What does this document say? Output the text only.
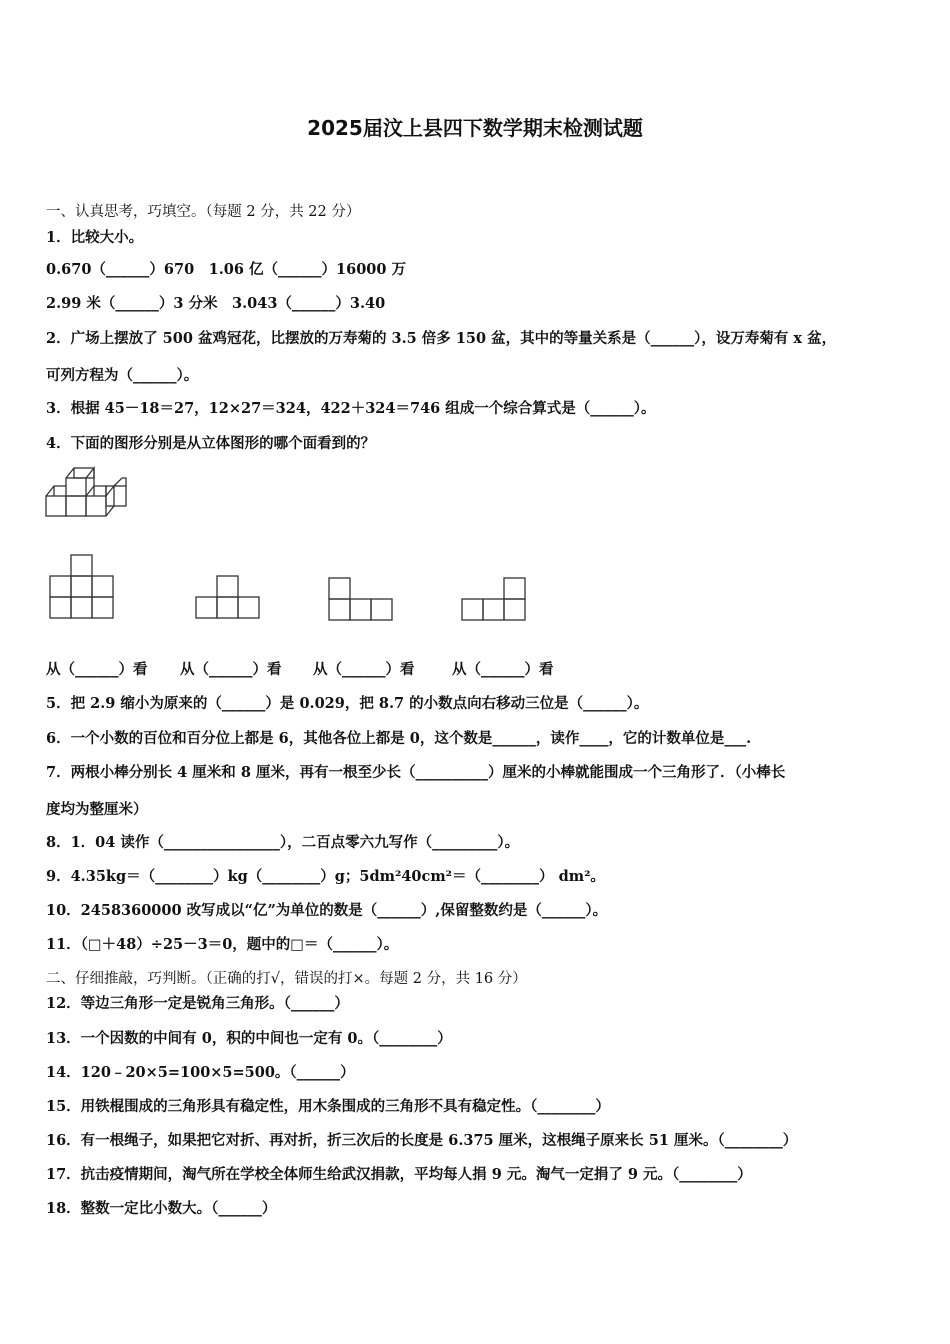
2025届汶上县四下数学期末检测试题
一、认真思考，巧填空。（每题 2 分，共 22 分）
1．比较大小。
0.670（______）670　1.06 亿（______）16000 万
2.99 米（______）3 分米　3.043（______）3.40
2．广场上摆放了 500 盆鸡冠花，比摆放的万寿菊的 3.5 倍多 150 盆，其中的等量关系是（______），设万寿菊有 x 盆，
可列方程为（______）。
3．根据 45－18＝27，12×27＝324，422＋324＝746 组成一个综合算式是（______）。
4．下面的图形分别是从立体图形的哪个面看到的？
从（______）看 从（______）看 从（______）看	从（______）看
5．把 2.9 缩小为原来的（______）是 0.029，把 8.7 的小数点向右移动三位是（______）。
6．一个小数的百位和百分位上都是 6，其他各位上都是 0，这个数是______，读作____，它的计数单位是___.
7．两根小棒分别长 4 厘米和 8 厘米，再有一根至少长（__________）厘米的小棒就能围成一个三角形了．（小棒长
度均为整厘米）
8．1．04 读作（________________），二百点零六九写作（_________）。
9．4.35kg＝（________）kg（________）g；5dm²40cm²＝（________） dm²。
10．2458360000 改写成以“亿”为单位的数是（______）,保留整数约是（______）。
11．（□＋48）÷25－3＝0，题中的□＝（______）。
二、仔细推敲，巧判断。（正确的打√，错误的打×。每题 2 分，共 16 分）
12．等边三角形一定是锐角三角形。（______）
13．一个因数的中间有 0，积的中间也一定有 0。（________）
14．120﹣20×5=100×5=500。（______）
15．用铁棍围成的三角形具有稳定性，用木条围成的三角形不具有稳定性。（________）
16．有一根绳子，如果把它对折、再对折，折三次后的长度是 6.375 厘米，这根绳子原来长 51 厘米。（________）
17．抗击疫情期间，淘气所在学校全体师生给武汉捐款，平均每人捐 9 元。淘气一定捐了 9 元。（________）
18．整数一定比小数大。（______）
